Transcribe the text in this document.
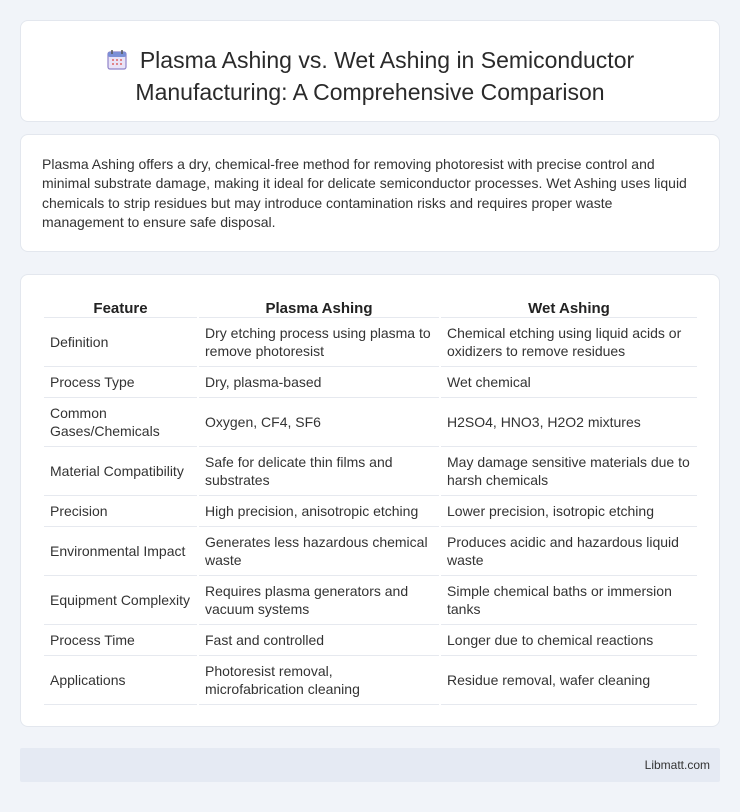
Plasma Ashing vs. Wet Ashing in Semiconductor Manufacturing: A Comprehensive Comparison

Plasma Ashing offers a dry, chemical-free method for removing photoresist with precise control and minimal substrate damage, making it ideal for delicate semiconductor processes. Wet Ashing uses liquid chemicals to strip residues but may introduce contamination risks and requires proper waste management to ensure safe disposal.

Feature	Plasma Ashing	Wet Ashing
Definition	Dry etching process using plasma to remove photoresist	Chemical etching using liquid acids or oxidizers to remove residues
Process Type	Dry, plasma-based	Wet chemical
Common Gases/Chemicals	Oxygen, CF4, SF6	H2SO4, HNO3, H2O2 mixtures
Material Compatibility	Safe for delicate thin films and substrates	May damage sensitive materials due to harsh chemicals
Precision	High precision, anisotropic etching	Lower precision, isotropic etching
Environmental Impact	Generates less hazardous chemical waste	Produces acidic and hazardous liquid waste
Equipment Complexity	Requires plasma generators and vacuum systems	Simple chemical baths or immersion tanks
Process Time	Fast and controlled	Longer due to chemical reactions
Applications	Photoresist removal, microfabrication cleaning	Residue removal, wafer cleaning
Libmatt.com
